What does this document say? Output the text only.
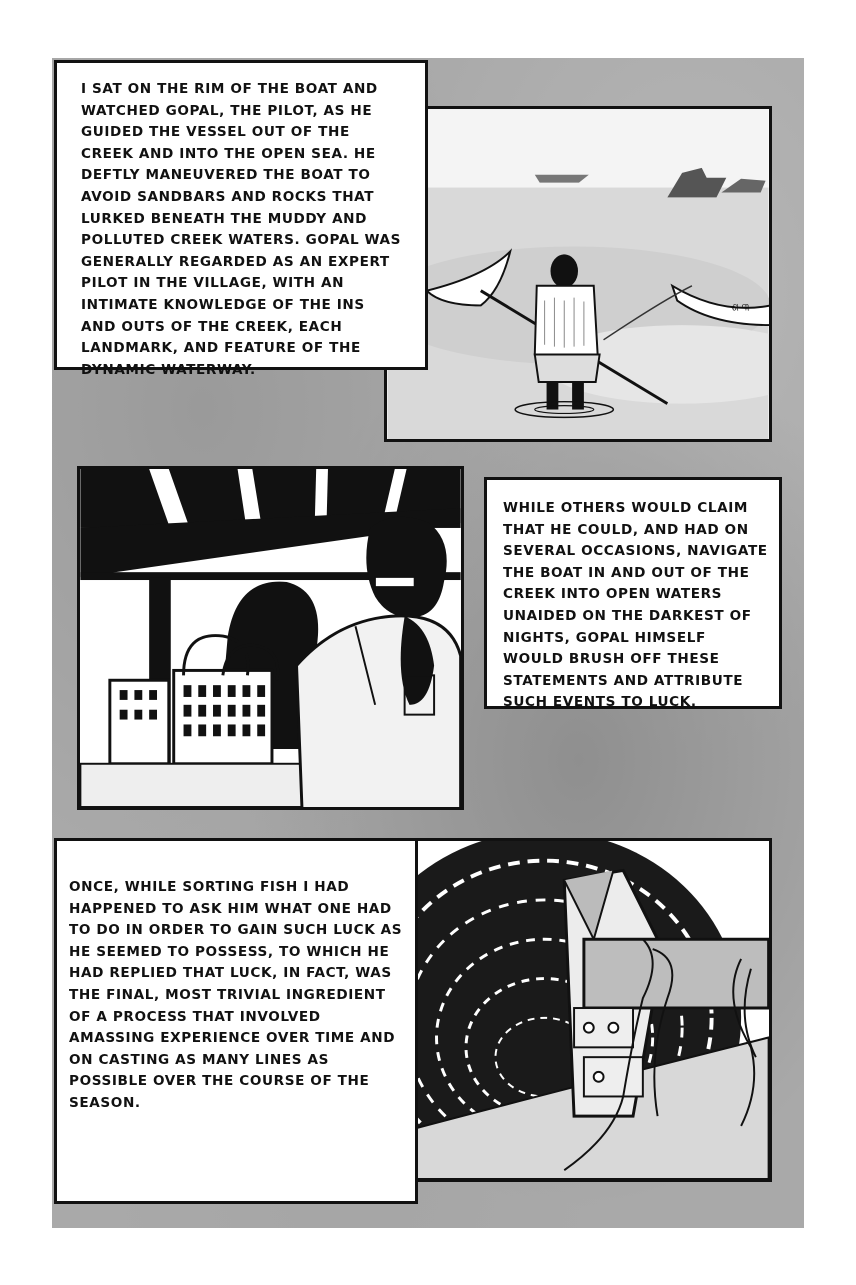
ଶ ୩

I SAT ON THE RIM OF THE BOAT AND WATCHED GOPAL, THE PILOT, AS HE GUIDED THE VESSEL OUT OF THE CREEK AND INTO THE OPEN SEA. HE DEFTLY MANEUVERED THE BOAT TO AVOID SANDBARS AND ROCKS THAT LURKED BENEATH THE MUDDY AND POLLUTED CREEK WATERS. GOPAL WAS GENERALLY REGARDED AS AN EXPERT PILOT IN THE VILLAGE, WITH AN INTIMATE KNOWLEDGE OF THE INS AND OUTS OF THE CREEK, EACH LANDMARK, AND FEATURE OF THE DYNAMIC WATERWAY.

WHILE OTHERS WOULD CLAIM THAT HE COULD, AND HAD ON SEVERAL OCCASIONS, NAVIGATE THE BOAT IN AND OUT OF THE CREEK INTO OPEN WATERS UNAIDED ON THE DARKEST OF NIGHTS, GOPAL HIMSELF WOULD BRUSH OFF THESE STATEMENTS AND ATTRIBUTE SUCH EVENTS TO LUCK.

ONCE, WHILE SORTING FISH I HAD HAPPENED TO ASK HIM WHAT ONE HAD TO DO IN ORDER TO GAIN SUCH LUCK AS HE SEEMED TO POSSESS, TO WHICH HE HAD REPLIED THAT LUCK, IN FACT, WAS THE FINAL, MOST TRIVIAL INGREDIENT OF A PROCESS THAT INVOLVED AMASSING EXPERIENCE OVER TIME AND ON CASTING AS MANY LINES AS POSSIBLE OVER THE COURSE OF THE SEASON.
